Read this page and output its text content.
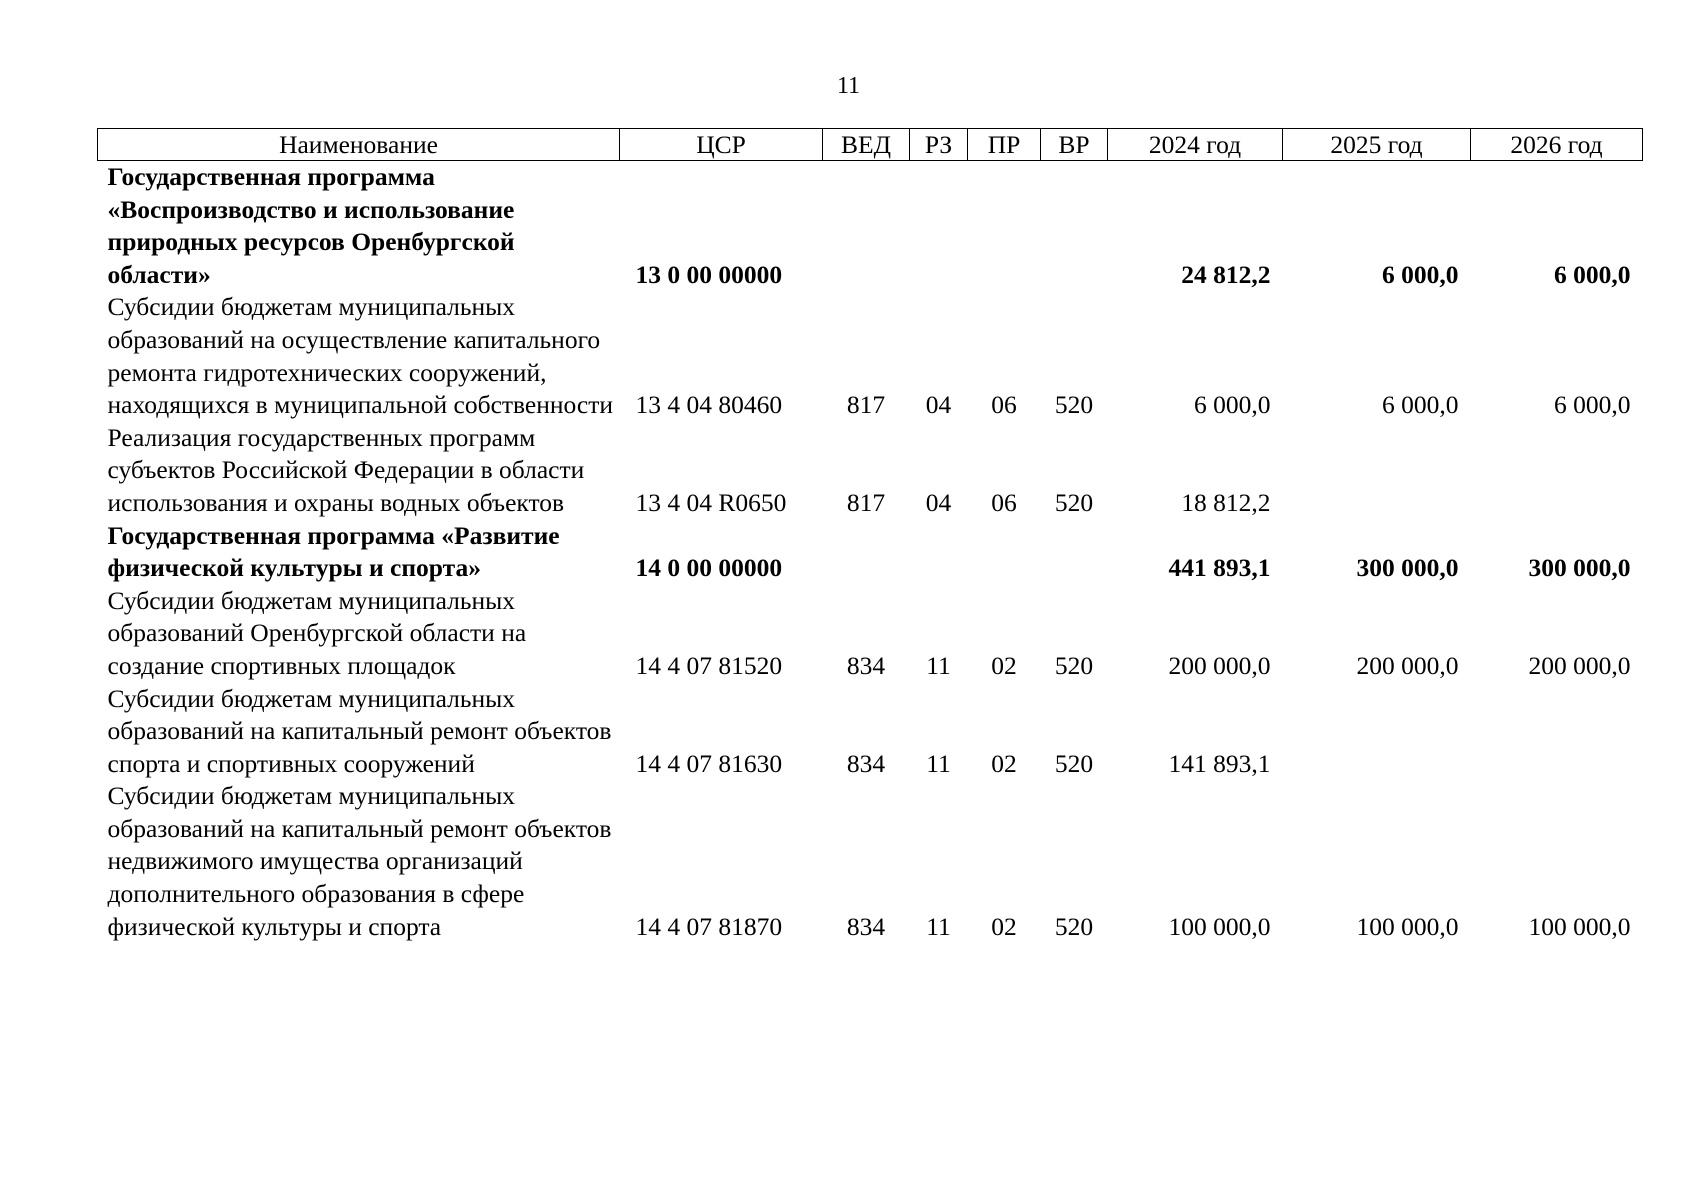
11
Наименование	ЦСР	ВЕД	РЗ	ПР	ВР	2024 год	2025 год	2026 год
Государственная программа «Воспроизводство и использование природных ресурсов Оренбургской области»	13 0 00 00000					24 812,2	6 000,0	6 000,0
Субсидии бюджетам муниципальных образований на осуществление капитального ремонта гидротехнических сооружений, находящихся в муниципальной собственности	13 4 04 80460	817	04	06	520	6 000,0	6 000,0	6 000,0
Реализация государственных программ субъектов Российской Федерации в области использования и охраны водных объектов	13 4 04 R0650	817	04	06	520	18 812,2		
Государственная программа «Развитие физической культуры и спорта»	14 0 00 00000					441 893,1	300 000,0	300 000,0
Субсидии бюджетам муниципальных образований Оренбургской области на создание спортивных площадок	14 4 07 81520	834	11	02	520	200 000,0	200 000,0	200 000,0
Субсидии бюджетам муниципальных образований на капитальный ремонт объектов спорта и спортивных сооружений	14 4 07 81630	834	11	02	520	141 893,1		
Субсидии бюджетам муниципальных образований на капитальный ремонт объектов недвижимого имущества организаций дополнительного образования в сфере физической культуры и спорта	14 4 07 81870	834	11	02	520	100 000,0	100 000,0	100 000,0
